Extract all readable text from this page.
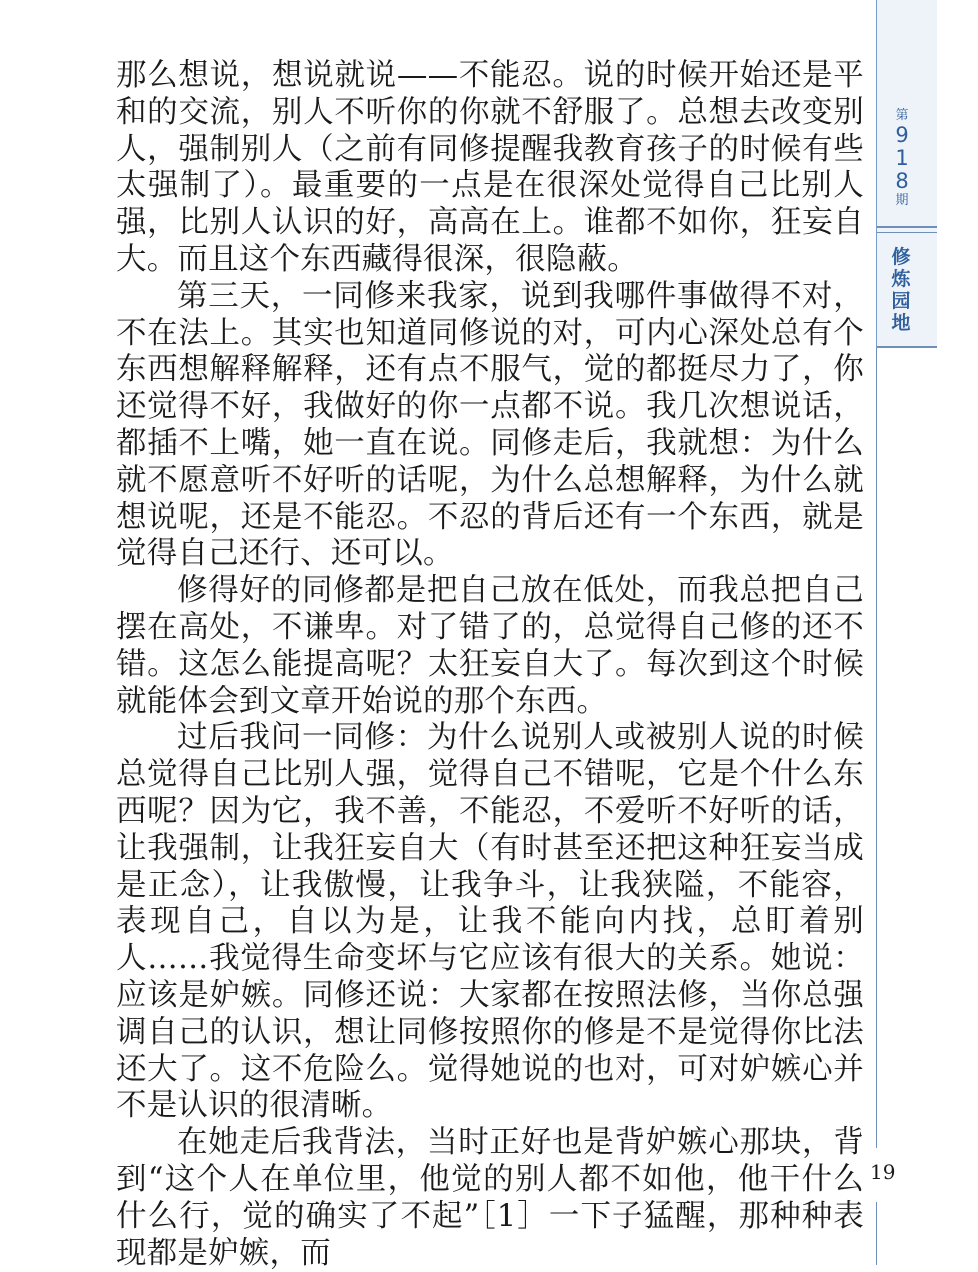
那么想说，想说就说——不能忍。说的时候开始还是平和的交流，别人不听你的你就不舒服了。总想去改变别人，强制别人（之前有同修提醒我教育孩子的时候有些太强制了）。最重要的一点是在很深处觉得自己比别人强，比别人认识的好，高高在上。谁都不如你，狂妄自大。而且这个东西藏得很深，很隐蔽。

第三天，一同修来我家，说到我哪件事做得不对，不在法上。其实也知道同修说的对，可内心深处总有个东西想解释解释，还有点不服气，觉的都挺尽力了，你还觉得不好，我做好的你一点都不说。我几次想说话，都插不上嘴，她一直在说。同修走后，我就想：为什么就不愿意听不好听的话呢，为什么总想解释，为什么就想说呢，还是不能忍。不忍的背后还有一个东西，就是觉得自己还行、还可以。

修得好的同修都是把自己放在低处，而我总把自己摆在高处，不谦卑。对了错了的，总觉得自己修的还不错。这怎么能提高呢？太狂妄自大了。每次到这个时候就能体会到文章开始说的那个东西。

过后我问一同修：为什么说别人或被别人说的时候总觉得自己比别人强，觉得自己不错呢，它是个什么东西呢？因为它，我不善，不能忍，不爱听不好听的话，让我强制，让我狂妄自大（有时甚至还把这种狂妄当成是正念），让我傲慢，让我争斗，让我狭隘，不能容，表现自己，自以为是，让我不能向内找，总盯着别人……我觉得生命变坏与它应该有很大的关系。她说：应该是妒嫉。同修还说：大家都在按照法修，当你总强调自己的认识，想让同修按照你的修是不是觉得你比法还大了。这不危险么。觉得她说的也对，可对妒嫉心并不是认识的很清晰。

在她走后我背法，当时正好也是背妒嫉心那块，背到“这个人在单位里，他觉的别人都不如他，他干什么什么行，觉的确实了不起”［1］一下子猛醒，那种种表现都是妒嫉，而

第
9
1
8
期
修
炼
园
地
19
